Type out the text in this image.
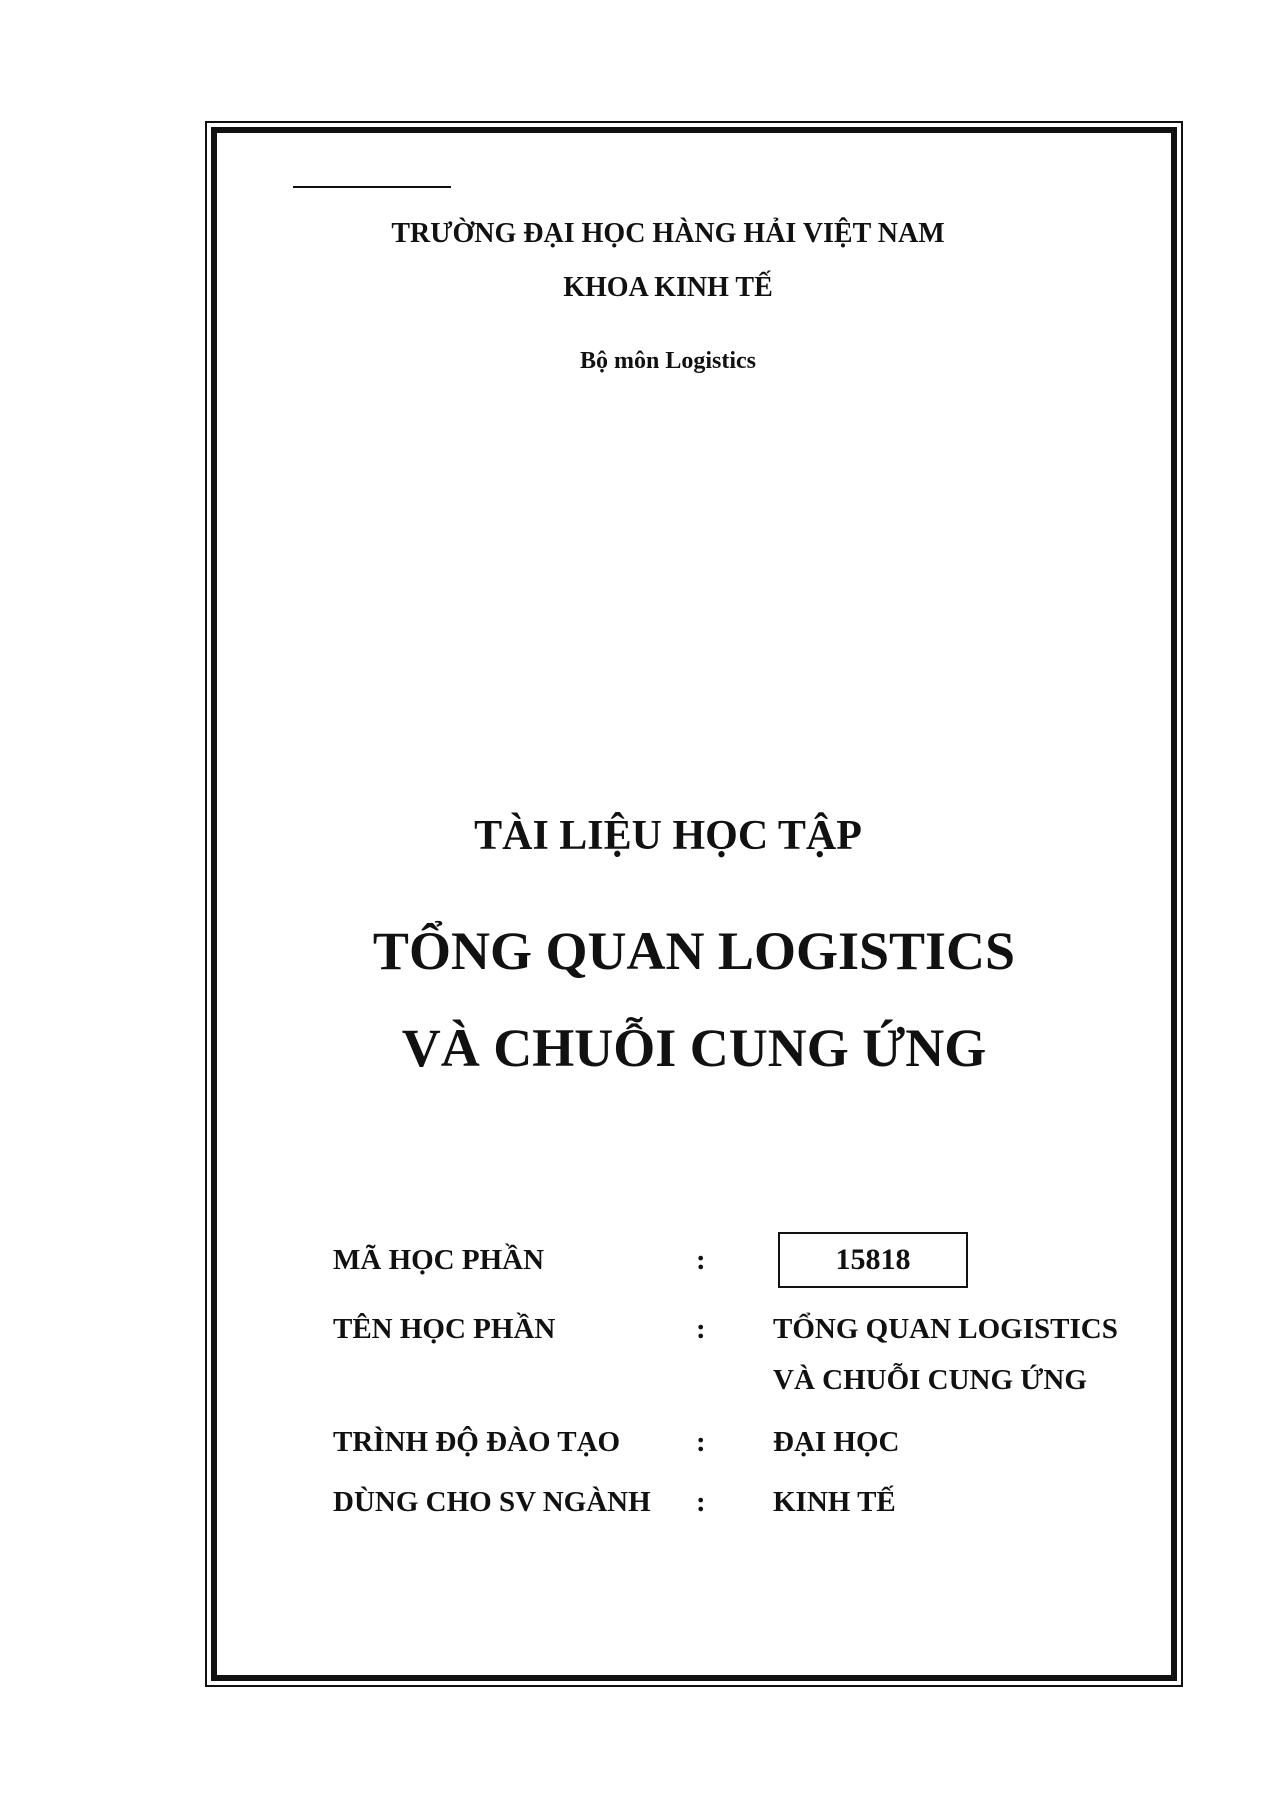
TRƯỜNG ĐẠI HỌC HÀNG HẢI VIỆT NAM
KHOA KINH TẾ
Bộ môn Logistics
TÀI LIỆU HỌC TẬP
TỔNG QUAN LOGISTICS
VÀ CHUỖI CUNG ỨNG
MÃ HỌC PHẦN	:	15818
TÊN HỌC PHẦN	: TỔNG QUAN LOGISTICS
VÀ CHUỖI CUNG ỨNG
TRÌNH ĐỘ ĐÀO TẠO	: ĐẠI HỌC
DÙNG CHO SV NGÀNH : KINH TẾ
